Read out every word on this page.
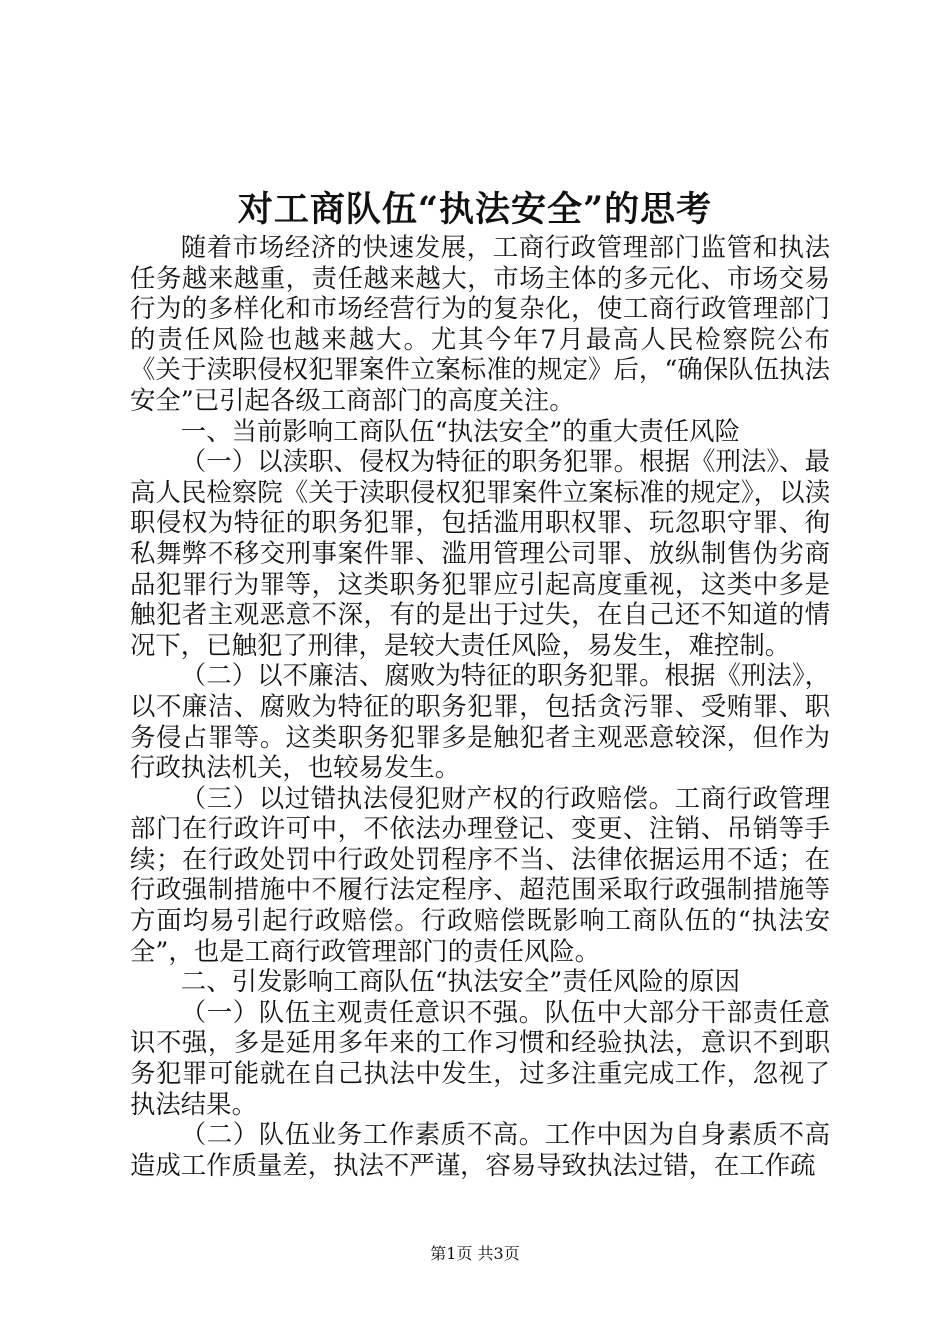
对工商队伍“执法安全”的思考

随着市场经济的快速发展，工商行政管理部门监管和执法任务越来越重，责任越来越大，市场主体的多元化、市场交易行为的多样化和市场经营行为的复杂化，使工商行政管理部门的责任风险也越来越大。尤其今年7月最高人民检察院公布《关于渎职侵权犯罪案件立案标准的规定》后，“确保队伍执法安全”已引起各级工商部门的高度关注。

一、当前影响工商队伍“执法安全”的重大责任风险

（一）以渎职、侵权为特征的职务犯罪。根据《刑法》、最高人民检察院《关于渎职侵权犯罪案件立案标准的规定》，以渎职侵权为特征的职务犯罪，包括滥用职权罪、玩忽职守罪、徇私舞弊不移交刑事案件罪、滥用管理公司罪、放纵制售伪劣商品犯罪行为罪等，这类职务犯罪应引起高度重视，这类中多是触犯者主观恶意不深，有的是出于过失，在自己还不知道的情况下，已触犯了刑律，是较大责任风险，易发生，难控制。

（二）以不廉洁、腐败为特征的职务犯罪。根据《刑法》，以不廉洁、腐败为特征的职务犯罪，包括贪污罪、受贿罪、职务侵占罪等。这类职务犯罪多是触犯者主观恶意较深，但作为行政执法机关，也较易发生。

（三）以过错执法侵犯财产权的行政赔偿。工商行政管理部门在行政许可中，不依法办理登记、变更、注销、吊销等手续；在行政处罚中行政处罚程序不当、法律依据运用不适；在行政强制措施中不履行法定程序、超范围采取行政强制措施等方面均易引起行政赔偿。行政赔偿既影响工商队伍的“执法安全”，也是工商行政管理部门的责任风险。

二、引发影响工商队伍“执法安全”责任风险的原因

（一）队伍主观责任意识不强。队伍中大部分干部责任意识不强，多是延用多年来的工作习惯和经验执法，意识不到职务犯罪可能就在自己执法中发生，过多注重完成工作，忽视了执法结果。

（二）队伍业务工作素质不高。工作中因为自身素质不高造成工作质量差，执法不严谨，容易导致执法过错，在工作疏

第1页 共3页
